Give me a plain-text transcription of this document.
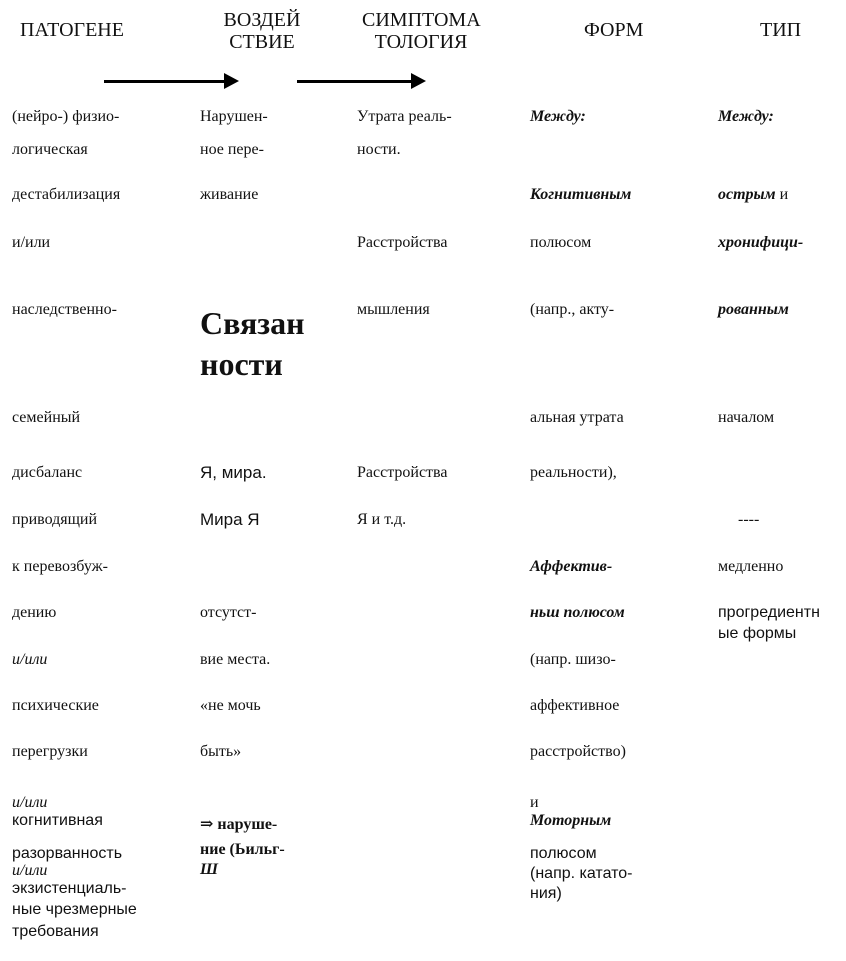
ПАТОГЕНЕ	ВОЗДЕЙ
СТВИЕ
СИМПТОМА
ТОЛОГИЯ
ФОРМ	ТИП
(нейро-) физио-
логическая
дестабилизация
и/или
наследственно-
семейный
дисбаланс
приводящий
к перевозбуж-
дению
и/или
психические
перегрузки
и/или
когнитивная
разорванность
и/или
экзистенциаль-
ные чрезмерные
требования
Нарушен-
ное пере-
живание
Связан
ности
Я, мира.
Мира Я
отсутст-
вие места.
«не мочь
быть»
⇒ наруше-
ние (Ьильг-
Ш
Утрата реаль-
ности.
Расстройства
мышления
Расстройства
Я и т.д.
Между:
Когнитивным
полюсом
(напр., акту-
альная утрата
реальности),
Аффектив-
ньш полюсом
(напр. шизо-
аффективное
расстройство)
и
Моторным
полюсом
(напр. катато-
ния)
Между:
острым и
хронифици-
рованным
началом
----
медленно
прогредиентн
ые формы
